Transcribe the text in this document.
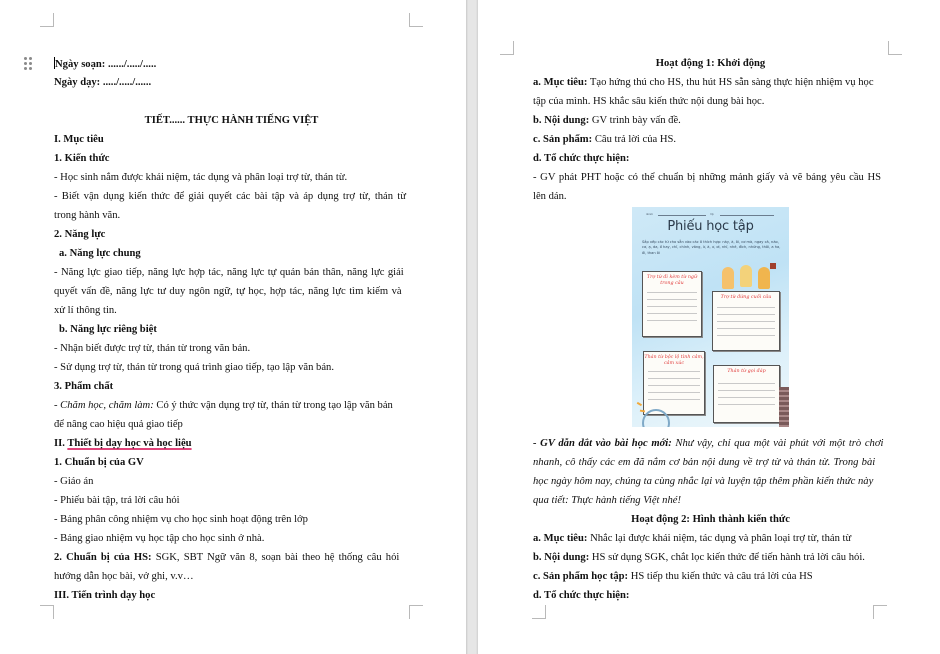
Ngày soạn: ....../...../.....
Ngày dạy: ...../...../......
TIẾT...... THỰC HÀNH TIẾNG VIỆT
I. Mục tiêu
1. Kiến thức
- Học sinh nắm được khái niệm, tác dụng và phân loại trợ từ, thán từ.
- Biết vận dụng kiến thức để giải quyết các bài tập và áp dụng trợ từ, thán từ
trong hành văn.
2. Năng lực
a. Năng lực chung
- Năng lực giao tiếp, năng lực hợp tác, năng lực tự quản bản thân, năng lực giải
quyết vấn đề, năng lực tư duy ngôn ngữ, tự học, hợp tác, năng lực tìm kiếm và
xử lí thông tin.
b. Năng lực riêng biệt
- Nhận biết được trợ từ, thán từ trong văn bản.
- Sử dụng trợ từ, thán từ trong quá trình giao tiếp, tạo lập văn bản.
3. Phẩm chất
- Chăm học, chăm làm: Có ý thức vận dụng trợ từ, thán từ trong tạo lập văn bản
để nâng cao hiệu quả giao tiếp
II. Thiết bị dạy học và học liệu
1. Chuẩn bị của GV
- Giáo án
- Phiếu bài tập, trả lời câu hỏi
- Bảng phân công nhiệm vụ cho học sinh hoạt động trên lớp
- Bảng giao nhiệm vụ học tập cho học sinh ở nhà.
2. Chuẩn bị của HS: SGK, SBT Ngữ văn 8, soạn bài theo hệ thống câu hỏi
hướng dẫn học bài, vở ghi, v.v…
III. Tiến trình dạy học
Hoạt động 1: Khởi động
a. Mục tiêu: Tạo hứng thú cho HS, thu hút HS sẵn sàng thực hiện nhiệm vụ học
tập của mình. HS khắc sâu kiến thức nội dung bài học.
b. Nội dung: GV trình bày vấn đề.
c. Sản phẩm: Câu trả lời của HS.
d. Tổ chức thực hiện:
- GV phát PHT hoặc có thể chuẩn bị những mảnh giấy và vẽ bảng yêu cầu HS
lên dán.
nhóm	lớp
Phiếu học tập
Sắp xếp các từ cho sẵn vào các ô thích hợp: này, à, ôi, cơ mà, ngay cả, nào, cơ, ạ, da, ồ hay, chỉ, chính, vâng, ừ, à, ư, ơi, nhỉ, nhé, đích, những, thôi, a ha, ối, than ôi
Trợ từ đi kèm từ ngữ trong câu
Trợ từ đứng cuối câu
Thán từ bộc lộ tình cảm, cảm xúc
Thán từ gọi đáp
- GV dẫn dắt vào bài học mới: Như vậy, chỉ qua một vài phút với một trò chơi
nhanh, cô thấy các em đã nắm cơ bản nội dung về trợ từ và thán từ. Trong bài
học ngày hôm nay, chúng ta cùng nhắc lại và luyện tập thêm phần kiến thức này
qua tiết: Thực hành tiếng Việt nhé!
Hoạt động 2: Hình thành kiến thức
a. Mục tiêu: Nhắc lại được khái niệm, tác dụng và phân loại trợ từ, thán từ
b. Nội dung: HS sử dụng SGK, chắt lọc kiến thức để tiến hành trả lời câu hỏi.
c. Sản phẩm học tập: HS tiếp thu kiến thức và câu trả lời của HS
d. Tổ chức thực hiện:
